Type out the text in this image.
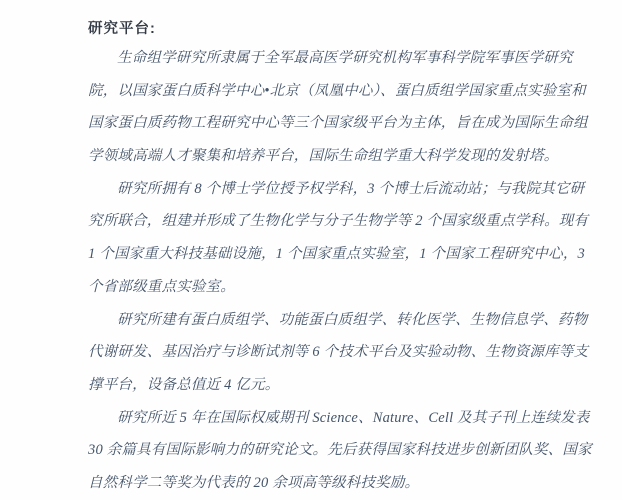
研究平台:
生命组学研究所隶属于全军最高医学研究机构军事科学院军事医学研究
院，以国家蛋白质科学中心•北京（凤凰中心）、蛋白质组学国家重点实验室和
国家蛋白质药物工程研究中心等三个国家级平台为主体，旨在成为国际生命组
学领域高端人才聚集和培养平台，国际生命组学重大科学发现的发射塔。
研究所拥有 8 个博士学位授予权学科，3 个博士后流动站；与我院其它研
究所联合，组建并形成了生物化学与分子生物学等 2 个国家级重点学科。现有
1 个国家重大科技基础设施，1 个国家重点实验室，1 个国家工程研究中心，3
个省部级重点实验室。
研究所建有蛋白质组学、功能蛋白质组学、转化医学、生物信息学、药物
代谢研发、基因治疗与诊断试剂等 6 个技术平台及实验动物、生物资源库等支
撑平台，设备总值近 4 亿元。
研究所近 5 年在国际权威期刊 Science、Nature、Cell 及其子刊上连续发表
30 余篇具有国际影响力的研究论文。先后获得国家科技进步创新团队奖、国家
自然科学二等奖为代表的 20 余项高等级科技奖励。
